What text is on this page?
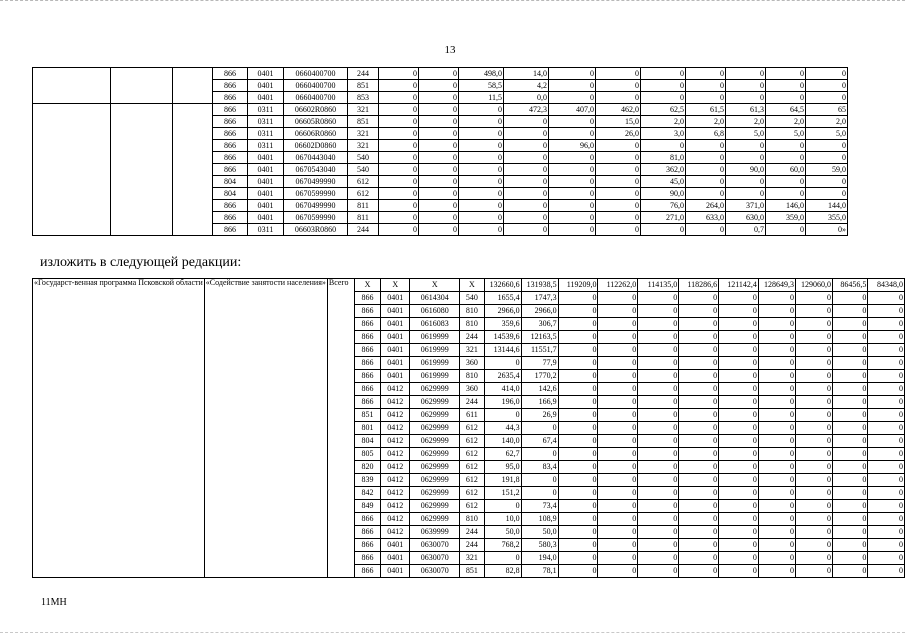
13
			866	0401	0660400700	244	0	0	498,0	14,0	0	0	0	0	0	0	0
			866	0401	0660400700	851	0	0	58,5	4,2	0	0	0	0	0	0	0
			866	0401	0660400700	853	0	0	11,5	0,0	0	0	0	0	0	0	0
			866	0311	06602R0860	321	0	0	0	472,3	407,0	462,0	62,5	61,5	61,3	64,5	65
			866	0311	06605R0860	851	0	0	0	0	0	15,0	2,0	2,0	2,0	2,0	2,0
			866	0311	06606R0860	321	0	0	0	0	0	26,0	3,0	6,8	5,0	5,0	5,0
			866	0311	06602D0860	321	0	0	0	0	96,0	0	0	0	0	0	0
			866	0401	0670443040	540	0	0	0	0	0	0	81,0	0	0	0	0
			866	0401	0670543040	540	0	0	0	0	0	0	362,0	0	90,0	60,0	59,0
			804	0401	0670499990	612	0	0	0	0	0	0	45,0	0	0	0	0
			804	0401	0670599990	612	0	0	0	0	0	0	90,0	0	0	0	0
			866	0401	0670499990	811	0	0	0	0	0	0	76,0	264,0	371,0	146,0	144,0
			866	0401	0670599990	811	0	0	0	0	0	0	271,0	633,0	630,0	359,0	355,0
			866	0311	06603R0860	244	0	0	0	0	0	0	0	0	0,7	0	0»
изложить в следующей редакции:
«Государст-венная программа Псковской области	«Содействие занятости населения»	Всего	X	X	X	X	132660,6	131938,5	119209,0	112262,0	114135,0	118286,6	121142,4	128649,3	129060,0	86456,5	84348,0
			866	0401	0614304	540	1655,4	1747,3	0	0	0	0	0	0	0	0	0
			866	0401	0616080	810	2966,0	2966,0	0	0	0	0	0	0	0	0	0
			866	0401	0616083	810	359,6	306,7	0	0	0	0	0	0	0	0	0
			866	0401	0619999	244	14539,6	12163,5	0	0	0	0	0	0	0	0	0
			866	0401	0619999	321	13144,6	11551,7	0	0	0	0	0	0	0	0	0
			866	0401	0619999	360	0	77,9	0	0	0	0	0	0	0	0	0
			866	0401	0619999	810	2635,4	1770,2	0	0	0	0	0	0	0	0	0
			866	0412	0629999	360	414,0	142,6	0	0	0	0	0	0	0	0	0
			866	0412	0629999	244	196,0	166,9	0	0	0	0	0	0	0	0	0
			851	0412	0629999	611	0	26,9	0	0	0	0	0	0	0	0	0
			801	0412	0629999	612	44,3	0	0	0	0	0	0	0	0	0	0
			804	0412	0629999	612	140,0	67,4	0	0	0	0	0	0	0	0	0
			805	0412	0629999	612	62,7	0	0	0	0	0	0	0	0	0	0
			820	0412	0629999	612	95,0	83,4	0	0	0	0	0	0	0	0	0
			839	0412	0629999	612	191,8	0	0	0	0	0	0	0	0	0	0
			842	0412	0629999	612	151,2	0	0	0	0	0	0	0	0	0	0
			849	0412	0629999	612	0	73,4	0	0	0	0	0	0	0	0	0
			866	0412	0629999	810	10,0	108,9	0	0	0	0	0	0	0	0	0
			866	0412	0639999	244	50,0	50,0	0	0	0	0	0	0	0	0	0
			866	0401	0630070	244	768,2	580,3	0	0	0	0	0	0	0	0	0
			866	0401	0630070	321	0	194,0	0	0	0	0	0	0	0	0	0
			866	0401	0630070	851	82,8	78,1	0	0	0	0	0	0	0	0	0
11МН
